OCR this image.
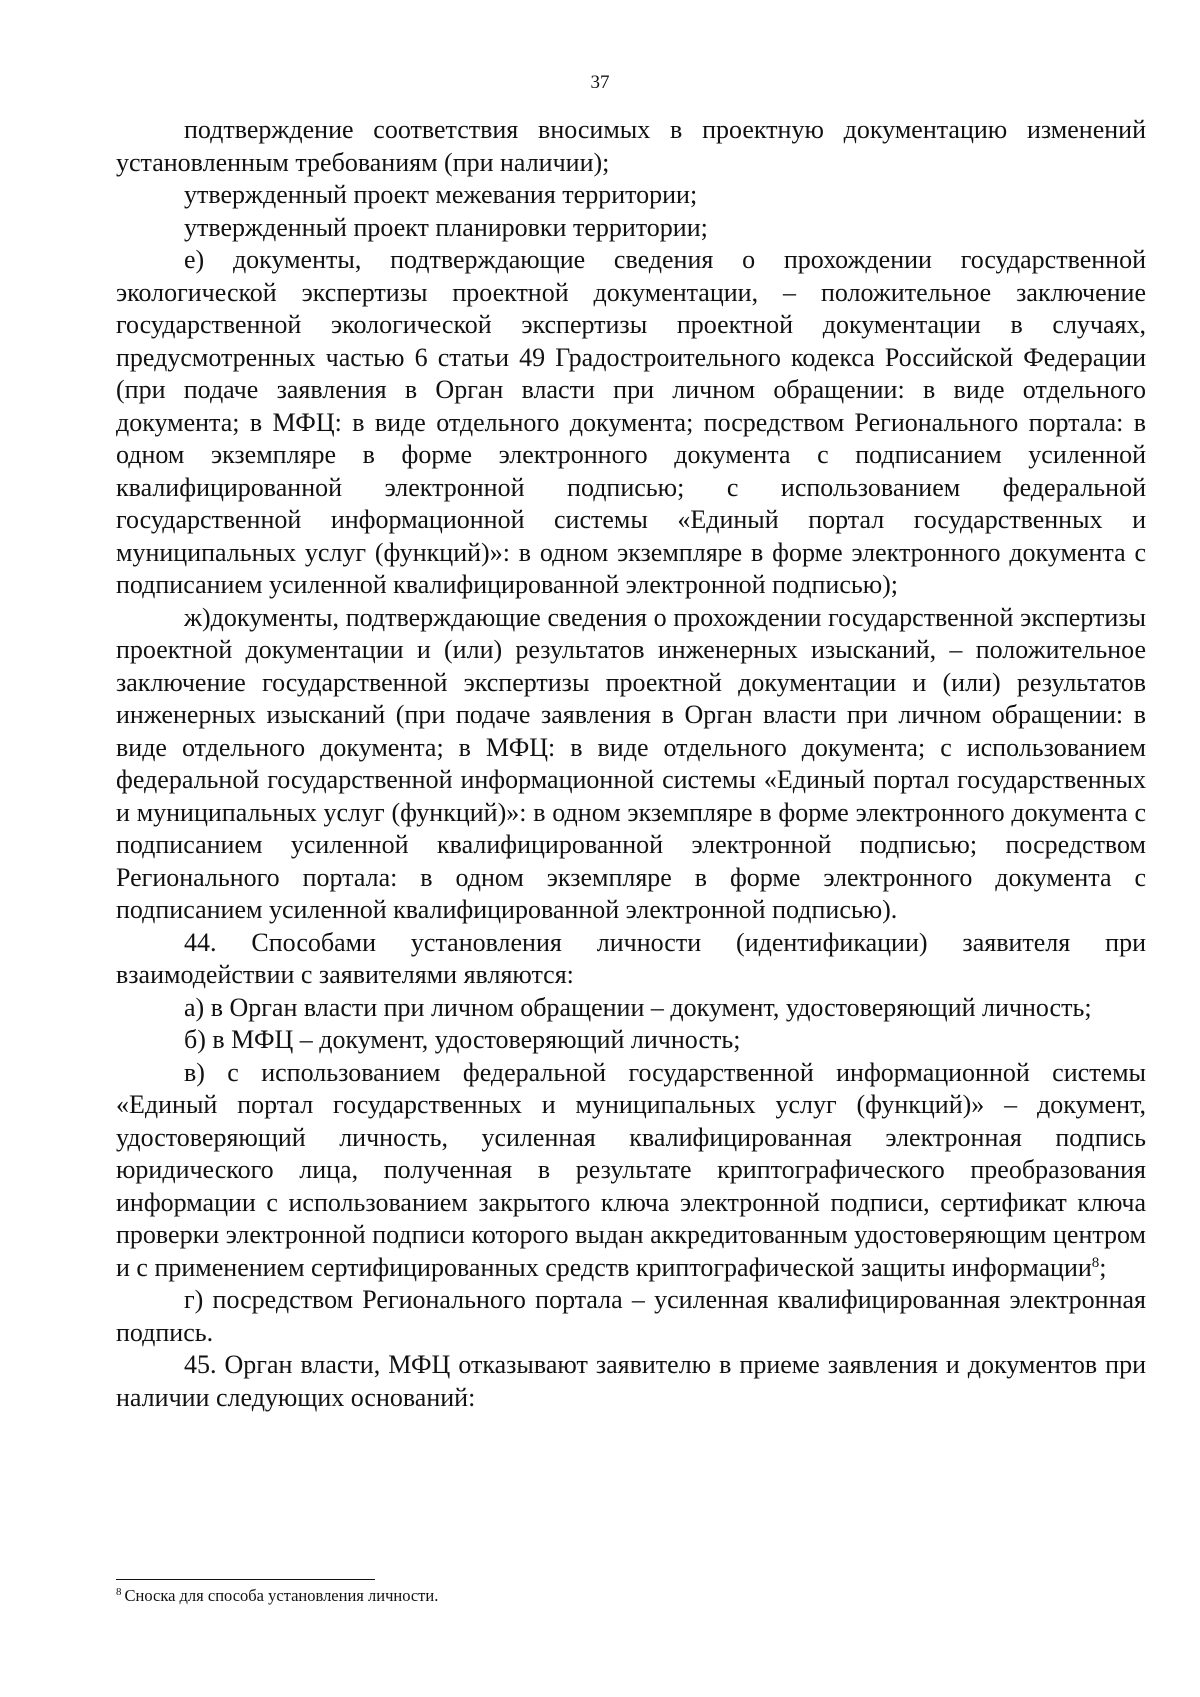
37

подтверждение соответствия вносимых в проектную документацию изменений установленным требованиям (при наличии);

утвержденный проект межевания территории;

утвержденный проект планировки территории;

е) документы, подтверждающие сведения о прохождении государственной экологической экспертизы проектной документации, – положительное заключение государственной экологической экспертизы проектной документации в случаях, предусмотренных частью 6 статьи 49 Градостроительного кодекса Российской Федерации (при подаче заявления в Орган власти при личном обращении: в виде отдельного документа; в МФЦ: в виде отдельного документа; посредством Регионального портала: в одном экземпляре в форме электронного документа с подписанием усиленной квалифицированной электронной подписью; с использованием федеральной государственной информационной системы «Единый портал государственных и муниципальных услуг (функций)»: в одном экземпляре в форме электронного документа с подписанием усиленной квалифицированной электронной подписью);

ж)документы, подтверждающие сведения о прохождении государственной экспертизы проектной документации и (или) результатов инженерных изысканий, – положительное заключение государственной экспертизы проектной документации и (или) результатов инженерных изысканий (при подаче заявления в Орган власти при личном обращении: в виде отдельного документа; в МФЦ: в виде отдельного документа; с использованием федеральной государственной информационной системы «Единый портал государственных и муниципальных услуг (функций)»: в одном экземпляре в форме электронного документа с подписанием усиленной квалифицированной электронной подписью; посредством Регионального портала: в одном экземпляре в форме электронного документа с подписанием усиленной квалифицированной электронной подписью).

44. Способами установления личности (идентификации) заявителя при взаимодействии с заявителями являются:

а) в Орган власти при личном обращении – документ, удостоверяющий личность;

б) в МФЦ – документ, удостоверяющий личность;

в) с использованием федеральной государственной информационной системы «Единый портал государственных и муниципальных услуг (функций)» – документ, удостоверяющий личность, усиленная квалифицированная электронная подпись юридического лица, полученная в результате криптографического преобразования информации с использованием закрытого ключа электронной подписи, сертификат ключа проверки электронной подписи которого выдан аккредитованным удостоверяющим центром и с применением сертифицированных средств криптографической защиты информации$^8$;

г) посредством Регионального портала – усиленная квалифицированная электронная подпись.

45. Орган власти, МФЦ отказывают заявителю в приеме заявления и документов при наличии следующих оснований:

$^8$ Сноска для способа установления личности.
